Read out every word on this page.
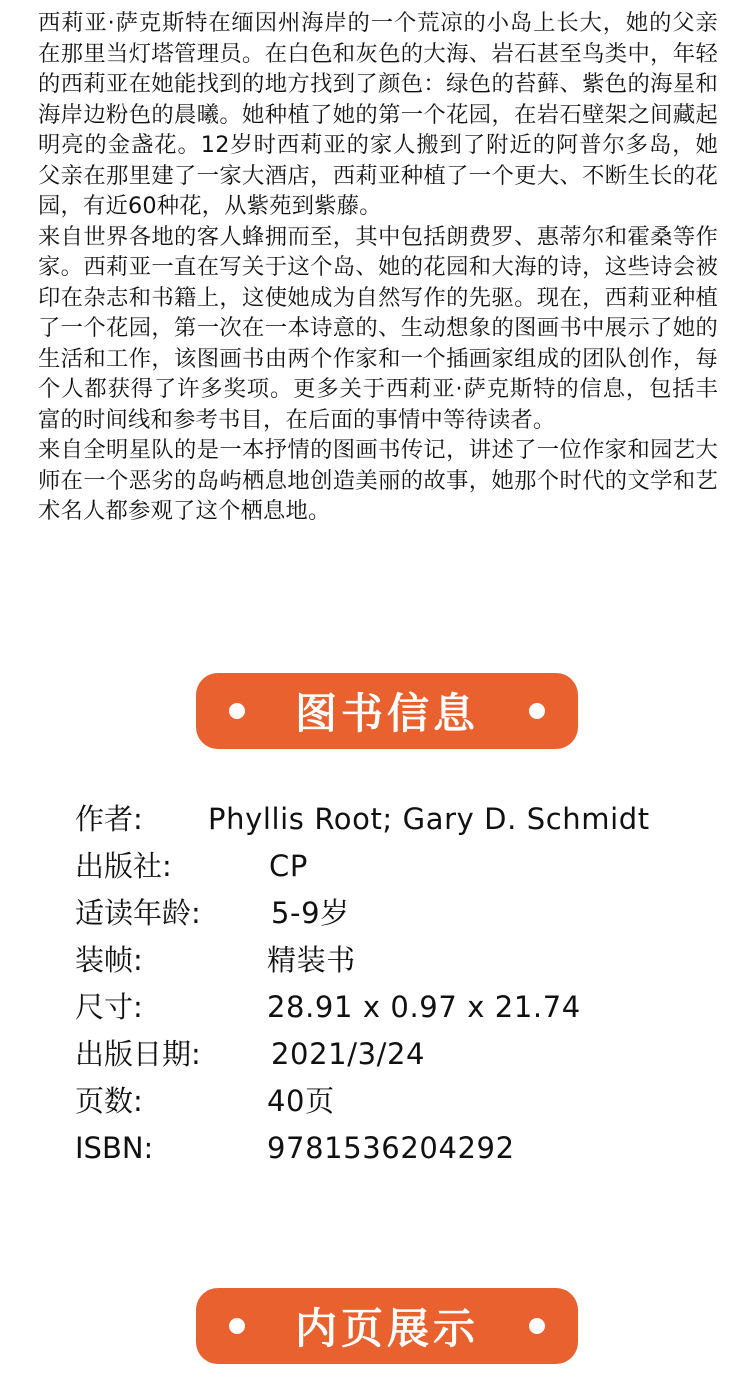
西莉亚·萨克斯特在缅因州海岸的一个荒凉的小岛上长大，她的父亲在那里当灯塔管理员。在白色和灰色的大海、岩石甚至鸟类中，年轻的西莉亚在她能找到的地方找到了颜色：绿色的苔藓、紫色的海星和海岸边粉色的晨曦。她种植了她的第一个花园，在岩石壁架之间藏起明亮的金盏花。12岁时西莉亚的家人搬到了附近的阿普尔多岛，她父亲在那里建了一家大酒店，西莉亚种植了一个更大、不断生长的花园，有近60种花，从紫苑到紫藤。

来自世界各地的客人蜂拥而至，其中包括朗费罗、惠蒂尔和霍桑等作家。西莉亚一直在写关于这个岛、她的花园和大海的诗，这些诗会被印在杂志和书籍上，这使她成为自然写作的先驱。现在，西莉亚种植了一个花园，第一次在一本诗意的、生动想象的图画书中展示了她的生活和工作，该图画书由两个作家和一个插画家组成的团队创作，每个人都获得了许多奖项。更多关于西莉亚·萨克斯特的信息，包括丰富的时间线和参考书目，在后面的事情中等待读者。

来自全明星队的是一本抒情的图画书传记，讲述了一位作家和园艺大师在一个恶劣的岛屿栖息地创造美丽的故事，她那个时代的文学和艺术名人都参观了这个栖息地。

图书信息
作者: Phyllis Root; Gary D. Schmidt
出版社:	CP
适读年龄: 5-9岁
装帧:	精装书
尺寸:	28.91 x 0.97 x 21.74
出版日期: 2021/3/24
页数:	40页
ISBN:	9781536204292
内页展示
